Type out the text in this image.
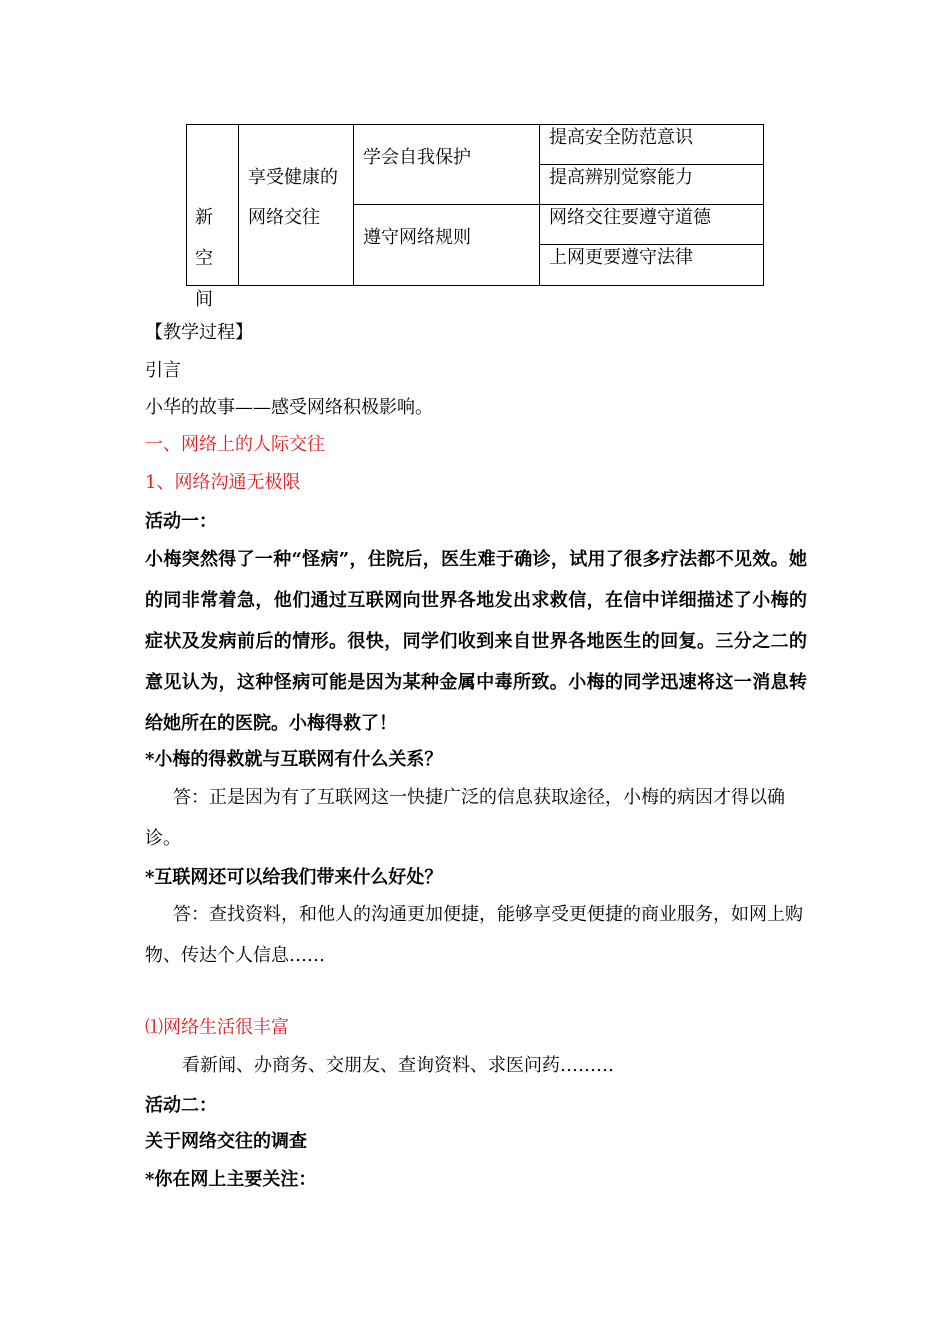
享受健康的
网络交往
学会自我保护
遵守网络规则
提高安全防范意识
提高辨别觉察能力
网络交往要遵守道德
上网更要遵守法律
新
空
间
【教学过程】
引言
小华的故事——感受网络积极影响。
一、网络上的人际交往
1、网络沟通无极限
活动一：
小梅突然得了一种“怪病”，住院后，医生难于确诊，试用了很多疗法都不见效。她的同非常着急，他们通过互联网向世界各地发出求救信，在信中详细描述了小梅的症状及发病前后的情形。很快，同学们收到来自世界各地医生的回复。三分之二的意见认为，这种怪病可能是因为某种金属中毒所致。小梅的同学迅速将这一消息转给她所在的医院。小梅得救了！
*小梅的得救就与互联网有什么关系？
答：正是因为有了互联网这一快捷广泛的信息获取途径，小梅的病因才得以确诊。
*互联网还可以给我们带来什么好处？
答：查找资料，和他人的沟通更加便捷，能够享受更便捷的商业服务，如网上购物、传达个人信息……
⑴网络生活很丰富
看新闻、办商务、交朋友、查询资料、求医问药………
活动二：
关于网络交往的调查
*你在网上主要关注：
